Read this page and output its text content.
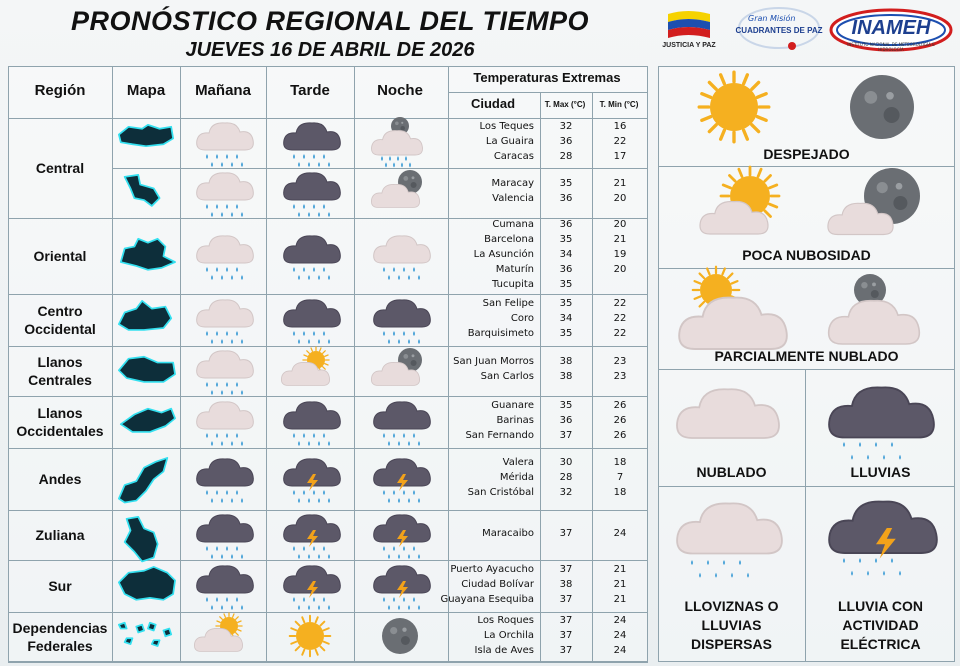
PRONÓSTICO REGIONAL DEL TIEMPO
JUEVES 16 DE ABRIL DE 2026	JUSTICIA Y PAZ
Gran Misión
CUADRANTES DE PAZ	INAMEH
INSTITUTO NACIONAL DE METEOROLOGÍA E HIDROLOGÍA
Región	Mapa	Mañana	Tarde	Noche
Temperaturas Extremas
Ciudad	T. Max (°C)	T. Min (°C)
Central
Los Teques	32	16
La Guaira	36	22
Caracas	28	17
Maracay	35	21
Valencia	36	20
Oriental
Cumana	36	20
Barcelona	35	21
La Asunción	34	19
Maturín	36	20
Tucupita	35
Centro Occidental
San Felipe	35	22
Coro	34	22
Barquisimeto	35	22
Llanos Centrales
San Juan Morros	38	23
San Carlos	38	23
Llanos Occidentales
Guanare	35	26
Barinas	36	26
San Fernando	37	26
Andes
Valera	30	18
Mérida	28	7
San Cristóbal	32	18
Zuliana	Maracaibo	37	24
Sur
Puerto Ayacucho	37	21
Ciudad Bolívar	38	21
Guayana Esequiba	37	21
Dependencias Federales
Los Roques	37	24
La Orchila	37	24
Isla de Aves	37	24
DESPEJADO
POCA NUBOSIDAD
PARCIALMENTE NUBLADO
NUBLADO	LLUVIAS
LLOVIZNAS O LLUVIAS DISPERSAS
LLUVIA CON ACTIVIDAD ELÉCTRICA
